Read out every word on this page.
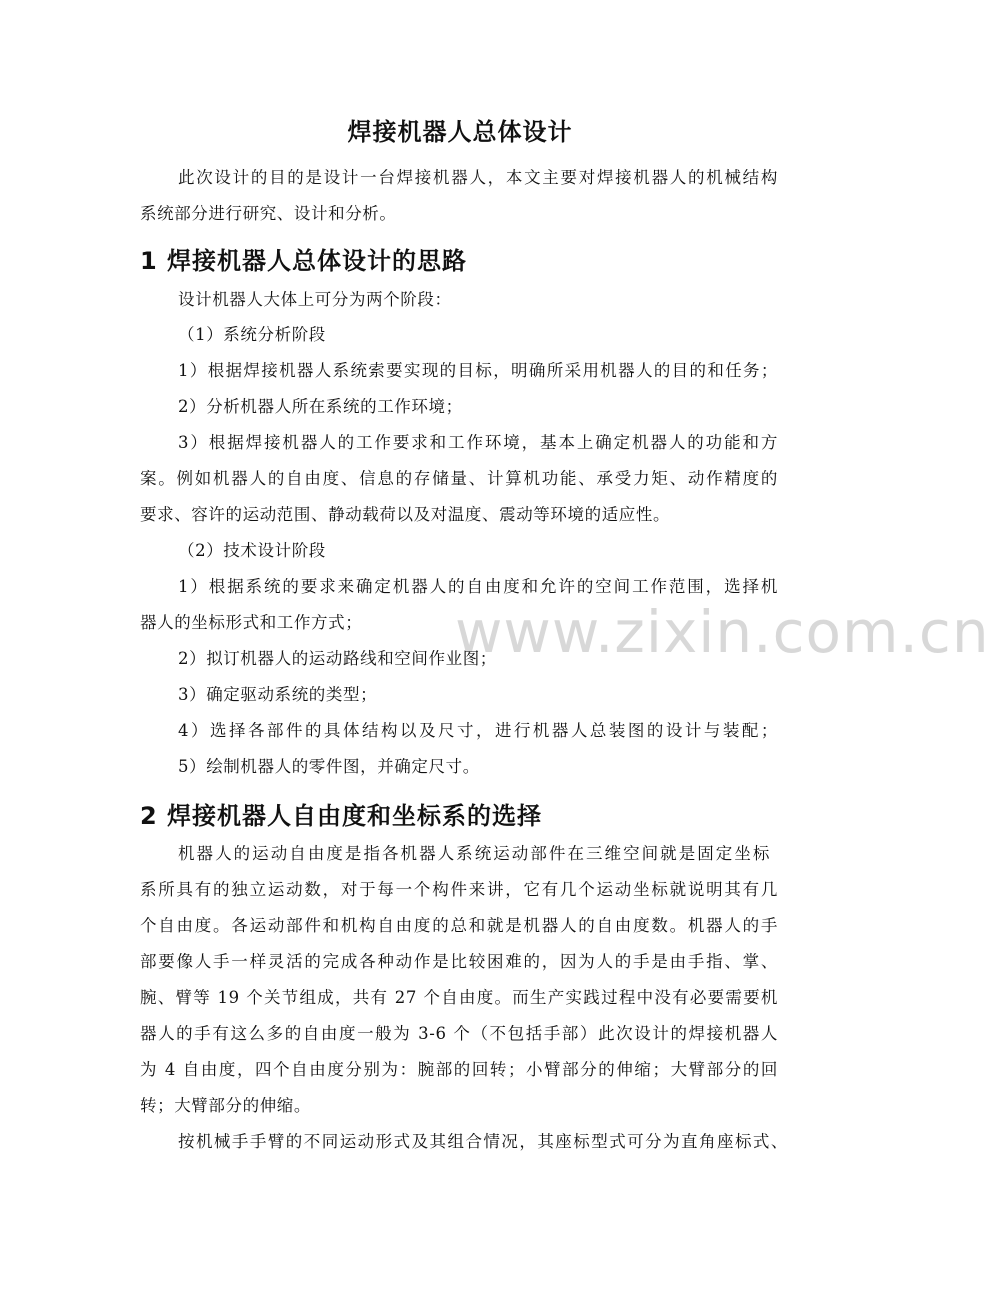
www.zixin.com.cn
焊接机器人总体设计
此次设计的目的是设计一台焊接机器人，本文主要对焊接机器人的机械结构
系统部分进行研究、设计和分析。
1 焊接机器人总体设计的思路
设计机器人大体上可分为两个阶段：
（1）系统分析阶段
1）根据焊接机器人系统索要实现的目标，明确所采用机器人的目的和任务；
2）分析机器人所在系统的工作环境；
3）根据焊接机器人的工作要求和工作环境，基本上确定机器人的功能和方
案。例如机器人的自由度、信息的存储量、计算机功能、承受力矩、动作精度的
要求、容许的运动范围、静动载荷以及对温度、震动等环境的适应性。
（2）技术设计阶段
1）根据系统的要求来确定机器人的自由度和允许的空间工作范围，选择机
器人的坐标形式和工作方式；
2）拟订机器人的运动路线和空间作业图；
3）确定驱动系统的类型；
4）选择各部件的具体结构以及尺寸，进行机器人总装图的设计与装配；
5）绘制机器人的零件图，并确定尺寸。
2 焊接机器人自由度和坐标系的选择
机器人的运动自由度是指各机器人系统运动部件在三维空间就是固定坐标
系所具有的独立运动数，对于每一个构件来讲，它有几个运动坐标就说明其有几
个自由度。各运动部件和机构自由度的总和就是机器人的自由度数。机器人的手
部要像人手一样灵活的完成各种动作是比较困难的，因为人的手是由手指、掌、
腕、臂等 19 个关节组成，共有 27 个自由度。而生产实践过程中没有必要需要机
器人的手有这么多的自由度一般为 3-6 个（不包括手部）此次设计的焊接机器人
为 4 自由度，四个自由度分别为：腕部的回转；小臂部分的伸缩；大臂部分的回
转；大臂部分的伸缩。
按机械手手臂的不同运动形式及其组合情况，其座标型式可分为直角座标式、
